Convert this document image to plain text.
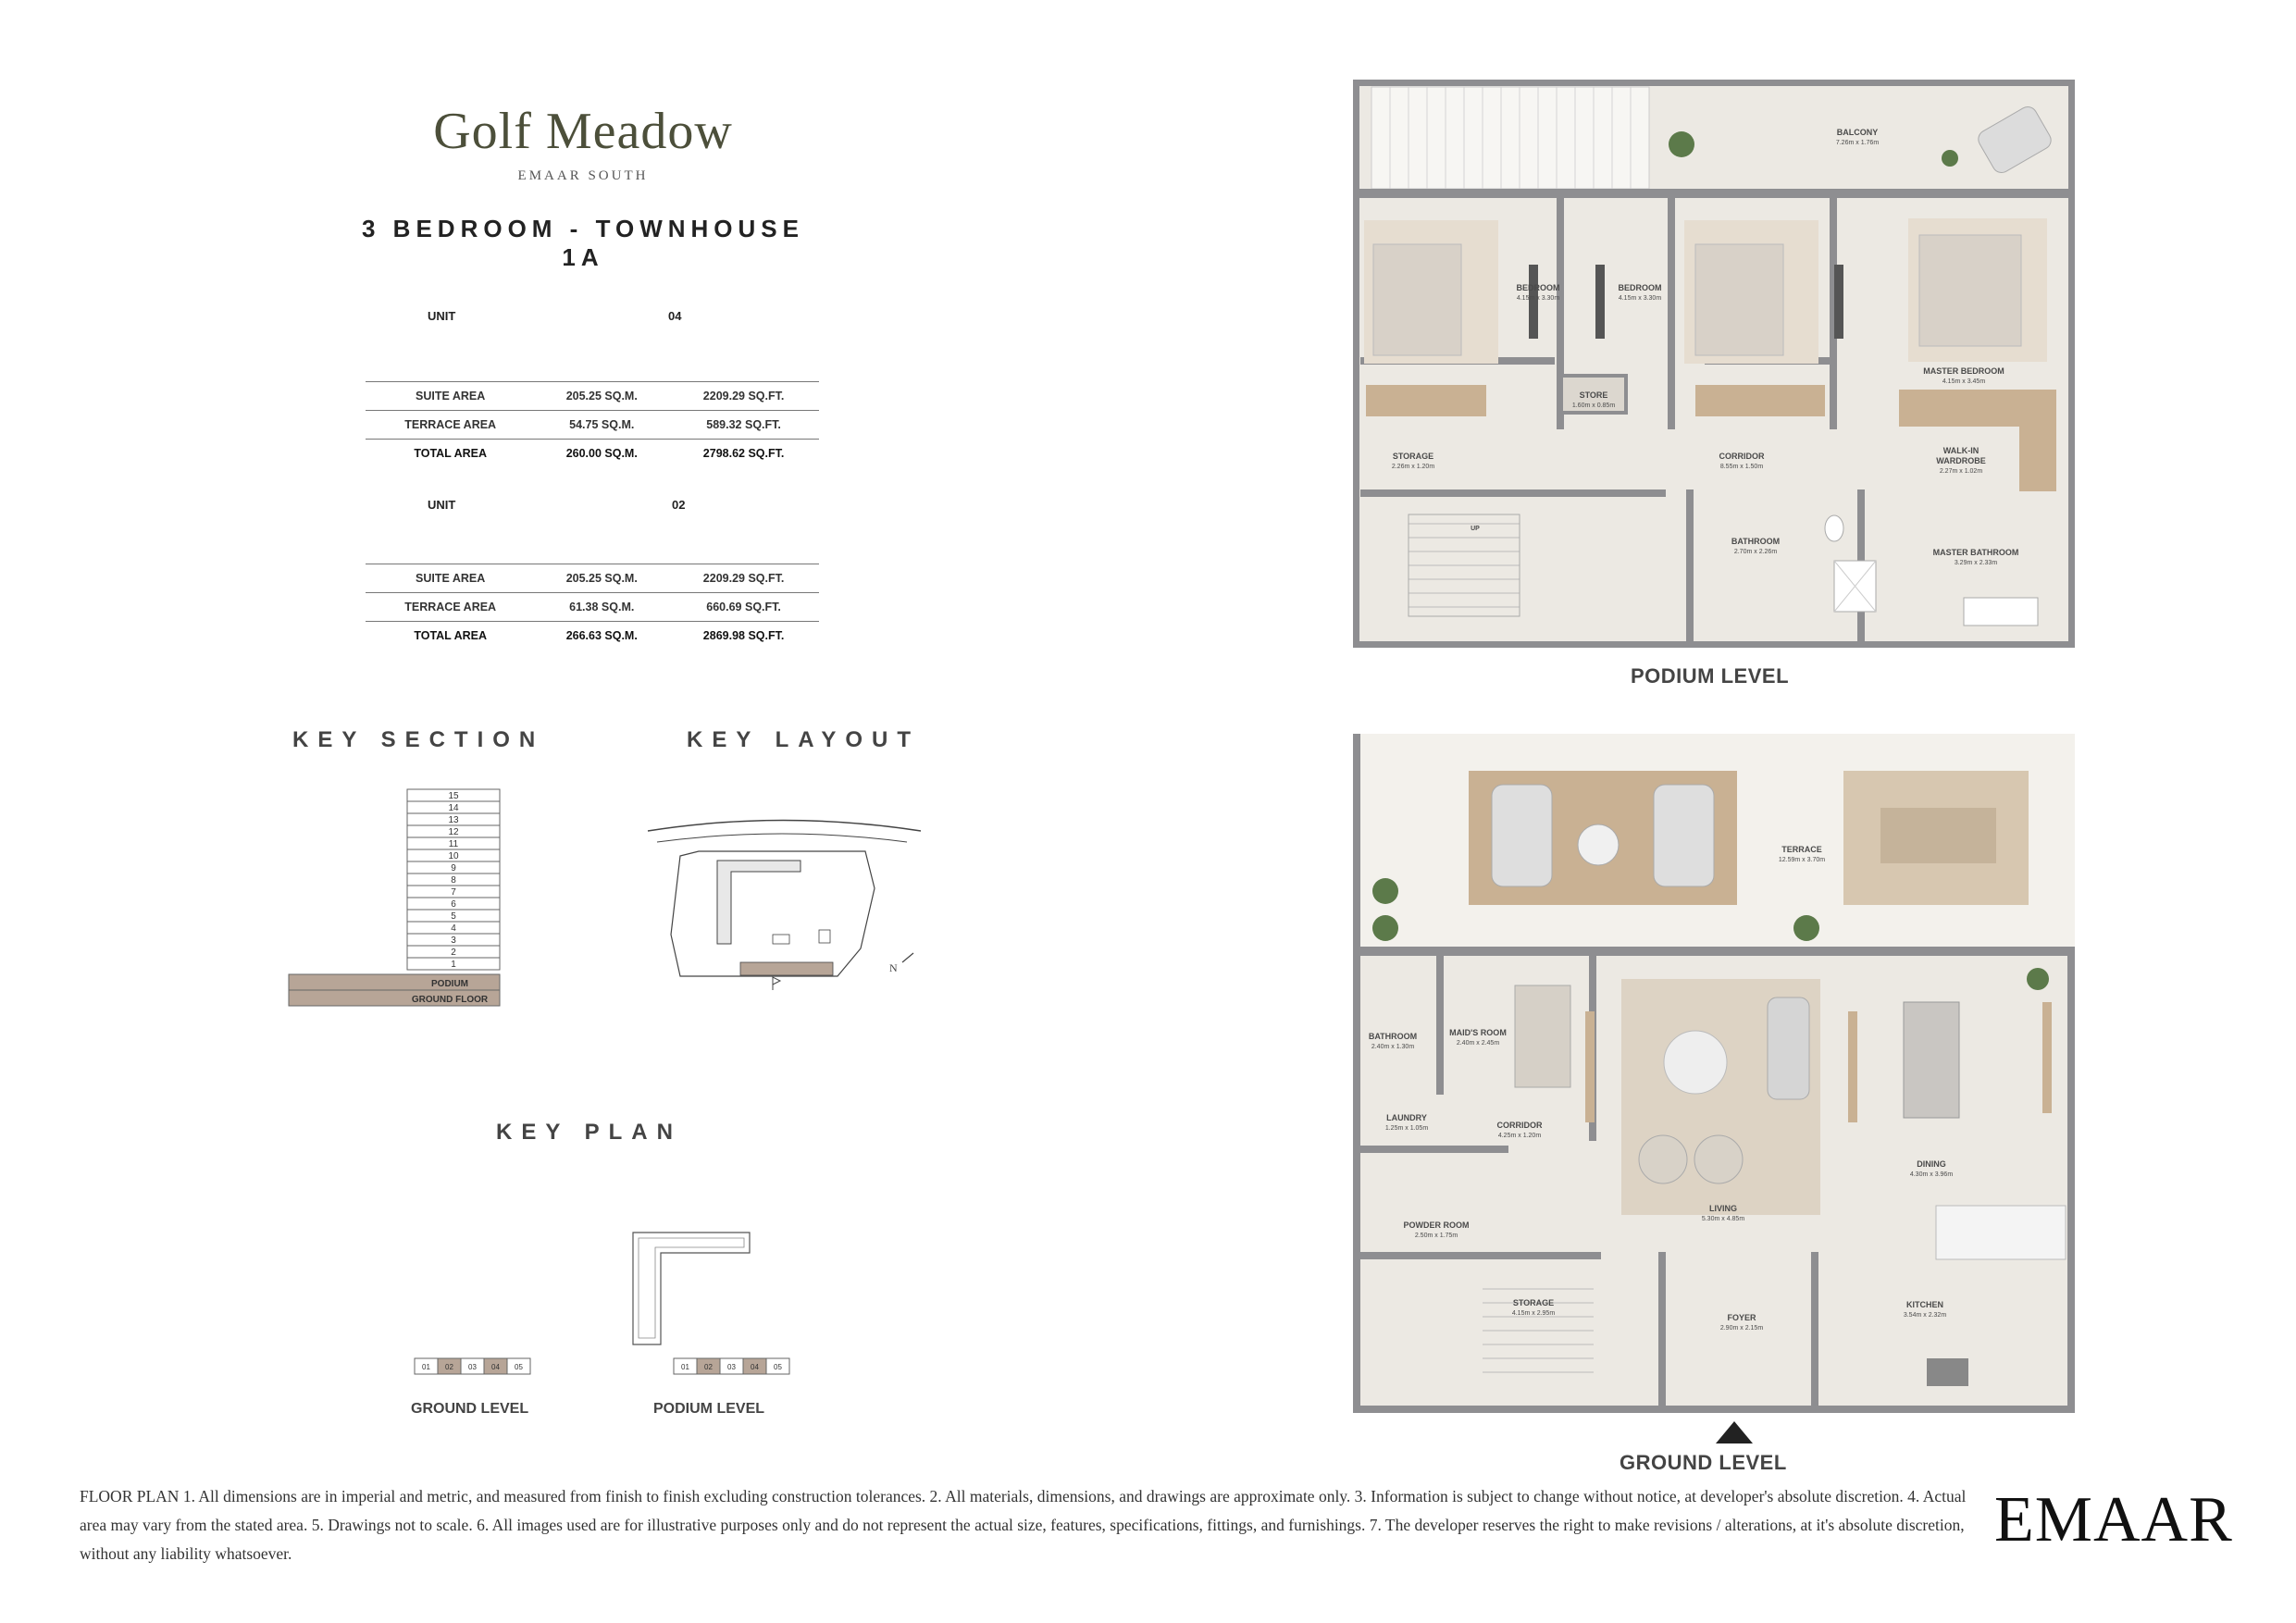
Golf Meadow
EMAAR SOUTH
3 BEDROOM - TOWNHOUSE 1A
UNIT	04
SUITE AREA	205.25 SQ.M.	2209.29 SQ.FT.
TERRACE AREA	54.75 SQ.M.	589.32 SQ.FT.
TOTAL AREA	260.00 SQ.M.	2798.62 SQ.FT.
UNIT	02
SUITE AREA	205.25 SQ.M.	2209.29 SQ.FT.
TERRACE AREA	61.38 SQ.M.	660.69 SQ.FT.
TOTAL AREA	266.63 SQ.M.	2869.98 SQ.FT.
KEY SECTION
15
14
13
12
11
10
9
8
7
6
5
4
3
2
1
PODIUM
GROUND FLOOR
KEY LAYOUT
N
KEY PLAN
01 02 03 04 05	01 02 03 04 05
GROUND LEVEL	PODIUM LEVEL
BALCONY
7.26m x 1.76m
BEDROOM
4.15m x 3.30m
BEDROOM
4.15m x 3.30m
MASTER BEDROOM
4.15m x 3.45m
STORE
1.60m x 0.85m
STORAGE
2.26m x 1.20m
CORRIDOR
8.55m x 1.50m
WALK-IN WARDROBE
2.27m x 1.02m
BATHROOM
2.70m x 2.26m	MASTER BATHROOM
3.29m x 2.33m
UP
PODIUM LEVEL
TERRACE
12.59m x 3.70m
BATHROOM
2.40m x 1.30m
MAID'S ROOM
2.40m x 2.45m
LAUNDRY
1.25m x 1.05m	CORRIDOR
4.25m x 1.20m
LIVING
5.30m x 4.85m
DINING
4.30m x 3.96m
POWDER ROOM
2.50m x 1.75m
STORAGE
4.15m x 2.95m	FOYER
2.90m x 2.15m
KITCHEN
3.54m x 2.32m
GROUND LEVEL
FLOOR PLAN 1. All dimensions are in imperial and metric, and measured from finish to finish excluding construction tolerances. 2. All materials, dimensions, and drawings are approximate only. 3. Information is subject to change without notice, at developer's absolute discretion. 4. Actual area may vary from the stated area. 5. Drawings not to scale. 6. All images used are for illustrative purposes only and do not represent the actual size, features, specifications, fittings, and furnishings. 7. The developer reserves the right to make revisions / alterations, at it's absolute discretion, without any liability whatsoever.	EMAAR
